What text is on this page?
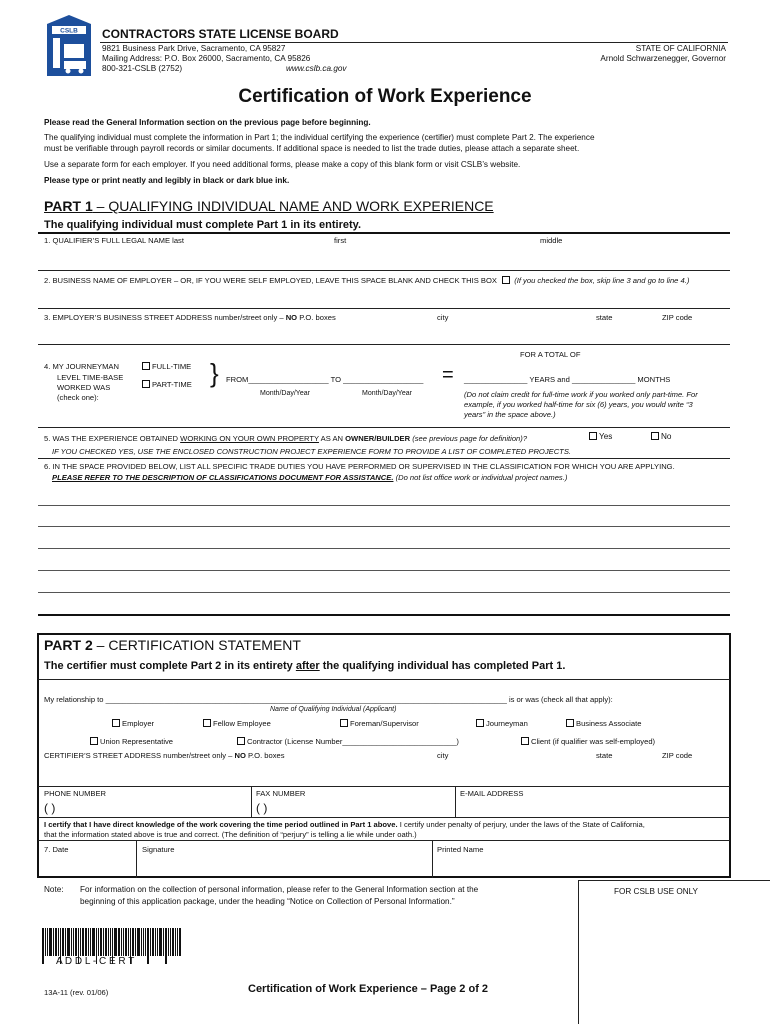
CSLB CONTRACTORS STATE LICENSE BOARD
9821 Business Park Drive, Sacramento, CA 95827
Mailing Address: P.O. Box 26000, Sacramento, CA 95826
800-321-CSLB (2752)	www.cslb.ca.gov
STATE OF CALIFORNIA
Arnold Schwarzenegger, Governor
Certification of Work Experience
Please read the General Information section on the previous page before beginning.
The qualifying individual must complete the information in Part 1; the individual certifying the experience (certifier) must complete Part 2. The experience
must be verifiable through payroll records or similar documents. If additional space is needed to list the trade duties, please attach a separate sheet.
Use a separate form for each employer. If you need additional forms, please make a copy of this blank form or visit CSLB’s website.
Please type or print neatly and legibly in black or dark blue ink.
PART 1 – QUALIFYING INDIVIDUAL NAME AND WORK EXPERIENCE
The qualifying individual must complete Part 1 in its entirety.
1. QUALIFIER’S FULL LEGAL NAME last	first	middle
2. BUSINESS NAME OF EMPLOYER – OR, IF YOU WERE SELF EMPLOYED, LEAVE THIS SPACE BLANK AND CHECK THIS BOX (If you checked the box, skip line 3 and go to line 4.)
3. EMPLOYER’S BUSINESS STREET ADDRESS number/street only – NO P.O. boxes	city	state	ZIP code
FOR A TOTAL OF
4. MY JOURNEYMAN
LEVEL TIME-BASE
WORKED WAS
(check one):
FULL-TIME
PART-TIME } FROM___________________ TO ___________________
Month/Day/Year	Month/Day/Year
= _______________ YEARS and _______________ MONTHS
(Do not claim credit for full-time work if you worked only part-time. For
example, if you worked half-time for six (6) years, you would write “3
years” in the space above.)
5. WAS THE EXPERIENCE OBTAINED WORKING ON YOUR OWN PROPERTY AS AN OWNER/BUILDER (see previous page for definition)?	Yes	No
IF YOU CHECKED YES, USE THE ENCLOSED CONSTRUCTION PROJECT EXPERIENCE FORM TO PROVIDE A LIST OF COMPLETED PROJECTS.
6. IN THE SPACE PROVIDED BELOW, LIST ALL SPECIFIC TRADE DUTIES YOU HAVE PERFORMED OR SUPERVISED IN THE CLASSIFICATION FOR WHICH YOU ARE APPLYING.
PLEASE REFER TO THE DESCRIPTION OF CLASSIFICATIONS DOCUMENT FOR ASSISTANCE. (Do not list office work or individual project names.)
PART 2 – CERTIFICATION STATEMENT
The certifier must complete Part 2 in its entirety after the qualifying individual has completed Part 1.
My relationship to _______________________________________________________________________________________________ is or was (check all that apply):
Name of Qualifying Individual (Applicant)
Employer	Fellow Employee	Foreman/Supervisor	Journeyman	Business Associate
Union Representative	Contractor (License Number___________________________)	Client (if qualifier was self-employed)
CERTIFIER’S STREET ADDRESS number/street only – NO P.O. boxes	city	state	ZIP code
PHONE NUMBER	FAX NUMBER	E-MAIL ADDRESS
( )	( )
I certify that I have direct knowledge of the work covering the time period outlined in Part 1 above. I certify under penalty of perjury, under the laws of the State of California,
that the information stated above is true and correct. (The definition of “perjury” is telling a lie while under oath.)
7. Date	Signature	Printed Name
Note: For information on the collection of personal information, please refer to the General Information section at the
beginning of this application package, under the heading “Notice on Collection of Personal Information.”
FOR CSLB USE ONLY
A D D L - C E R T
13A-11 (rev. 01/06)	Certification of Work Experience – Page 2 of 2
